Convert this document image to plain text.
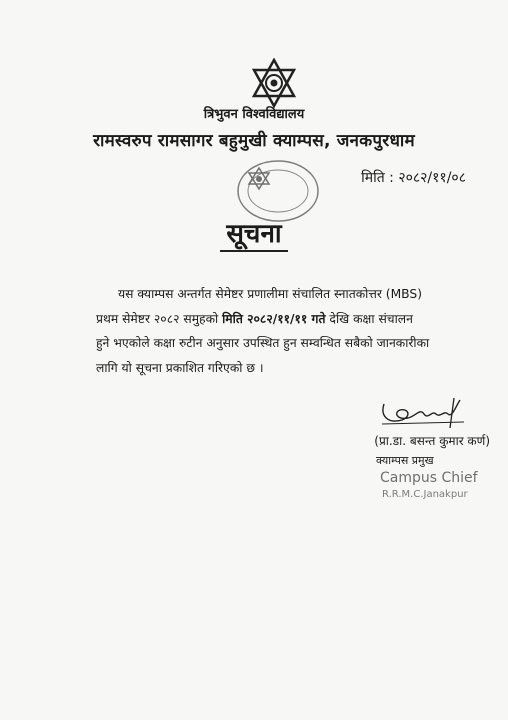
त्रिभुवन विश्वविद्यालय
रामस्वरुप रामसागर बहुमुखी क्याम्पस, जनकपुरधाम
मिति : २०८२/११/०८
सूचना
यस क्याम्पस अन्तर्गत सेमेष्टर प्रणालीमा संचालित स्नातकोत्तर (MBS)
प्रथम सेमेष्टर २०८२ समुहको मिति २०८२/११/११ गते देखि कक्षा संचालन
हुने भएकोले कक्षा रुटीन अनुसार उपस्थित हुन सम्वन्धित सबैको जानकारीका
लागि यो सूचना प्रकाशित गरिएको छ ।
(प्रा.डा. बसन्त कुमार कर्ण)
क्याम्पस प्रमुख
Campus Chief
R.R.M.C.Janakpur
